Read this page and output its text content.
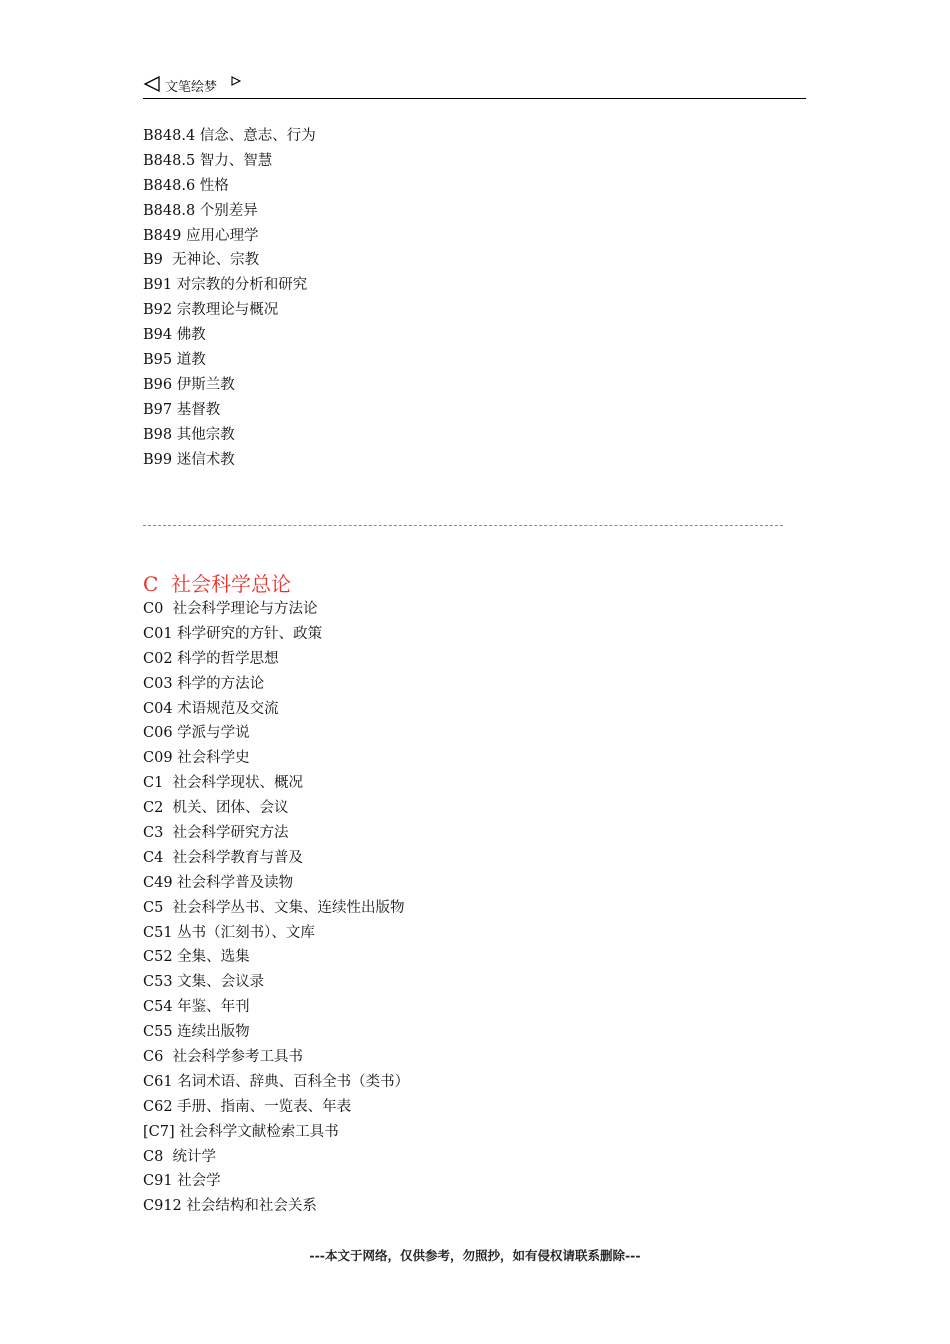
文笔绘梦
B848.4 信念、意志、行为
B848.5 智力、智慧
B848.6 性格
B848.8 个别差异
B849 应用心理学
B9  无神论、宗教
B91 对宗教的分析和研究
B92 宗教理论与概况
B94 佛教
B95 道教
B96 伊斯兰教
B97 基督教
B98 其他宗教
B99 迷信术教
C  社会科学总论
C0  社会科学理论与方法论
C01 科学研究的方针、政策
C02 科学的哲学思想
C03 科学的方法论
C04 术语规范及交流
C06 学派与学说
C09 社会科学史
C1  社会科学现状、概况
C2  机关、团体、会议
C3  社会科学研究方法
C4  社会科学教育与普及
C49 社会科学普及读物
C5  社会科学丛书、文集、连续性出版物
C51 丛书（汇刻书）、文库
C52 全集、选集
C53 文集、会议录
C54 年鉴、年刊
C55 连续出版物
C6  社会科学参考工具书
C61 名词术语、辞典、百科全书（类书）
C62 手册、指南、一览表、年表
[C7] 社会科学文献检索工具书
C8  统计学
C91 社会学
C912 社会结构和社会关系
---本文于网络，仅供参考，勿照抄，如有侵权请联系删除---
